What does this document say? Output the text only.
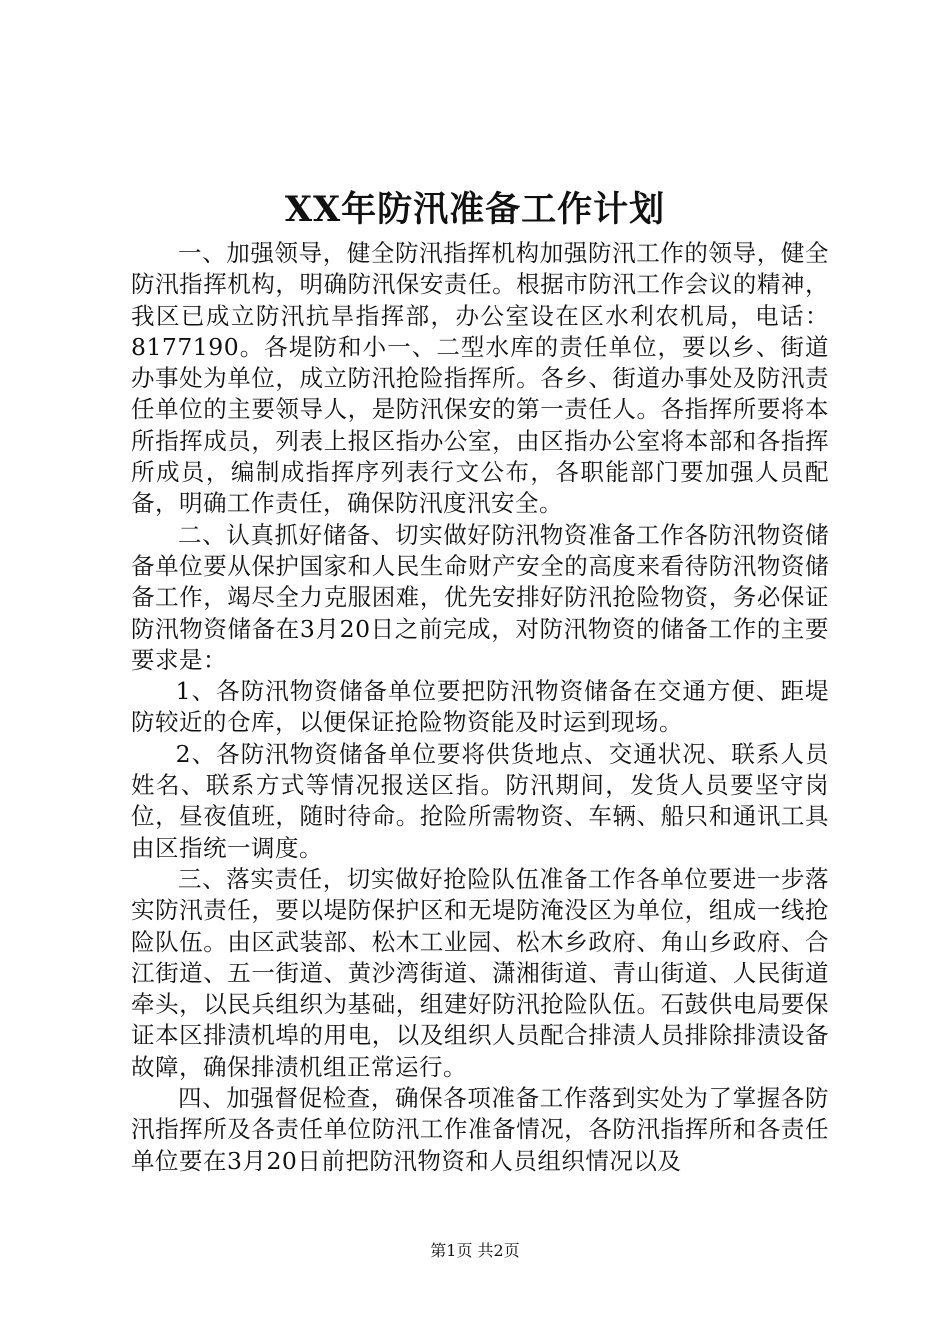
XX年防汛准备工作计划

一、加强领导，健全防汛指挥机构加强防汛工作的领导，健全防汛指挥机构，明确防汛保安责任。根据市防汛工作会议的精神，我区已成立防汛抗旱指挥部，办公室设在区水利农机局，电话：8177190。各堤防和小一、二型水库的责任单位，要以乡、街道办事处为单位，成立防汛抢险指挥所。各乡、街道办事处及防汛责任单位的主要领导人，是防汛保安的第一责任人。各指挥所要将本所指挥成员，列表上报区指办公室，由区指办公室将本部和各指挥所成员，编制成指挥序列表行文公布，各职能部门要加强人员配备，明确工作责任，确保防汛度汛安全。

二、认真抓好储备、切实做好防汛物资准备工作各防汛物资储备单位要从保护国家和人民生命财产安全的高度来看待防汛物资储备工作，竭尽全力克服困难，优先安排好防汛抢险物资，务必保证防汛物资储备在3月20日之前完成，对防汛物资的储备工作的主要要求是：

1、各防汛物资储备单位要把防汛物资储备在交通方便、距堤防较近的仓库，以便保证抢险物资能及时运到现场。

2、各防汛物资储备单位要将供货地点、交通状况、联系人员姓名、联系方式等情况报送区指。防汛期间，发货人员要坚守岗位，昼夜值班，随时待命。抢险所需物资、车辆、船只和通讯工具由区指统一调度。

三、落实责任，切实做好抢险队伍准备工作各单位要进一步落实防汛责任，要以堤防保护区和无堤防淹没区为单位，组成一线抢险队伍。由区武装部、松木工业园、松木乡政府、角山乡政府、合江街道、五一街道、黄沙湾街道、潇湘街道、青山街道、人民街道牵头，以民兵组织为基础，组建好防汛抢险队伍。石鼓供电局要保证本区排渍机埠的用电，以及组织人员配合排渍人员排除排渍设备故障，确保排渍机组正常运行。

四、加强督促检查，确保各项准备工作落到实处为了掌握各防汛指挥所及各责任单位防汛工作准备情况，各防汛指挥所和各责任单位要在3月20日前把防汛物资和人员组织情况以及

第1页 共2页
